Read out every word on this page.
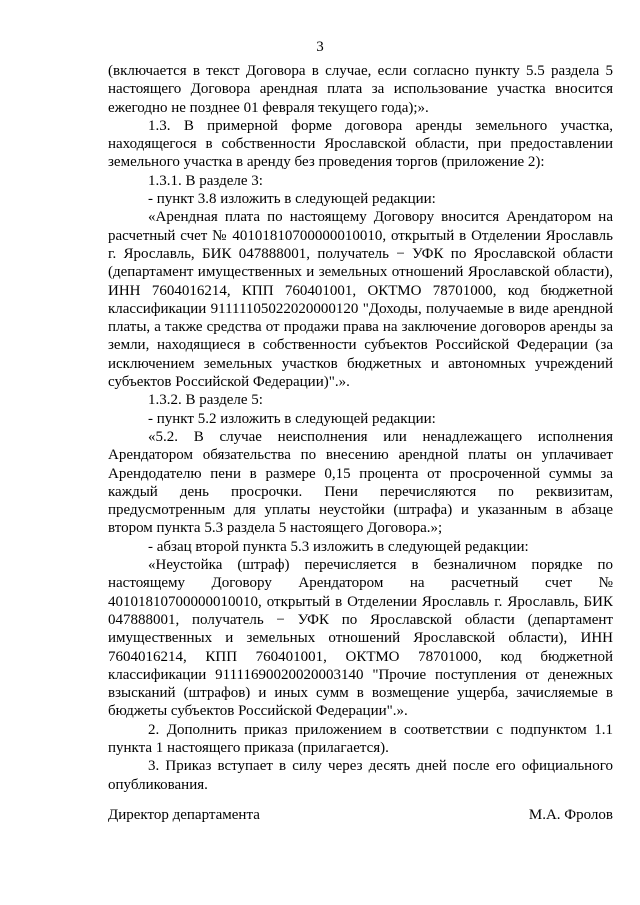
3

(включается в текст Договора в случае, если согласно пункту 5.5 раздела 5 настоящего Договора арендная плата за использование участка вносится ежегодно не позднее 01 февраля текущего года);».

1.3. В примерной форме договора аренды земельного участка, находящегося в собственности Ярославской области, при предоставлении земельного участка в аренду без проведения торгов (приложение 2):

1.3.1. В разделе 3:

- пункт 3.8 изложить в следующей редакции:

«Арендная плата по настоящему Договору вносится Арендатором на расчетный счет № 40101810700000010010, открытый в Отделении Ярославль г. Ярославль, БИК 047888001, получатель − УФК по Ярославской области (департамент имущественных и земельных отношений Ярославской области), ИНН 7604016214, КПП 760401001, ОКТМО 78701000, код бюджетной классификации 91111105022020000120 "Доходы, получаемые в виде арендной платы, а также средства от продажи права на заключение договоров аренды за земли, находящиеся в собственности субъектов Российской Федерации (за исключением земельных участков бюджетных и автономных учреждений субъектов Российской Федерации)".».

1.3.2. В разделе 5:

- пункт 5.2 изложить в следующей редакции:

«5.2. В случае неисполнения или ненадлежащего исполнения Арендатором обязательства по внесению арендной платы он уплачивает Арендодателю пени в размере 0,15 процента от просроченной суммы за каждый день просрочки. Пени перечисляются по реквизитам, предусмотренным для уплаты неустойки (штрафа) и указанным в абзаце втором пункта 5.3 раздела 5 настоящего Договора.»;

- абзац второй пункта 5.3 изложить в следующей редакции:

«Неустойка (штраф) перечисляется в безналичном порядке по настоящему Договору Арендатором на расчетный счет № 40101810700000010010, открытый в Отделении Ярославль г. Ярославль, БИК 047888001, получатель − УФК по Ярославской области (департамент имущественных и земельных отношений Ярославской области), ИНН 7604016214, КПП 760401001, ОКТМО 78701000, код бюджетной классификации 91111690020020003140 "Прочие поступления от денежных взысканий (штрафов) и иных сумм в возмещение ущерба, зачисляемые в бюджеты субъектов Российской Федерации".».

2. Дополнить приказ приложением в соответствии с подпунктом 1.1 пункта 1 настоящего приказа (прилагается).

3. Приказ вступает в силу через десять дней после его официального опубликования.

Директор департамента	М.А. Фролов
